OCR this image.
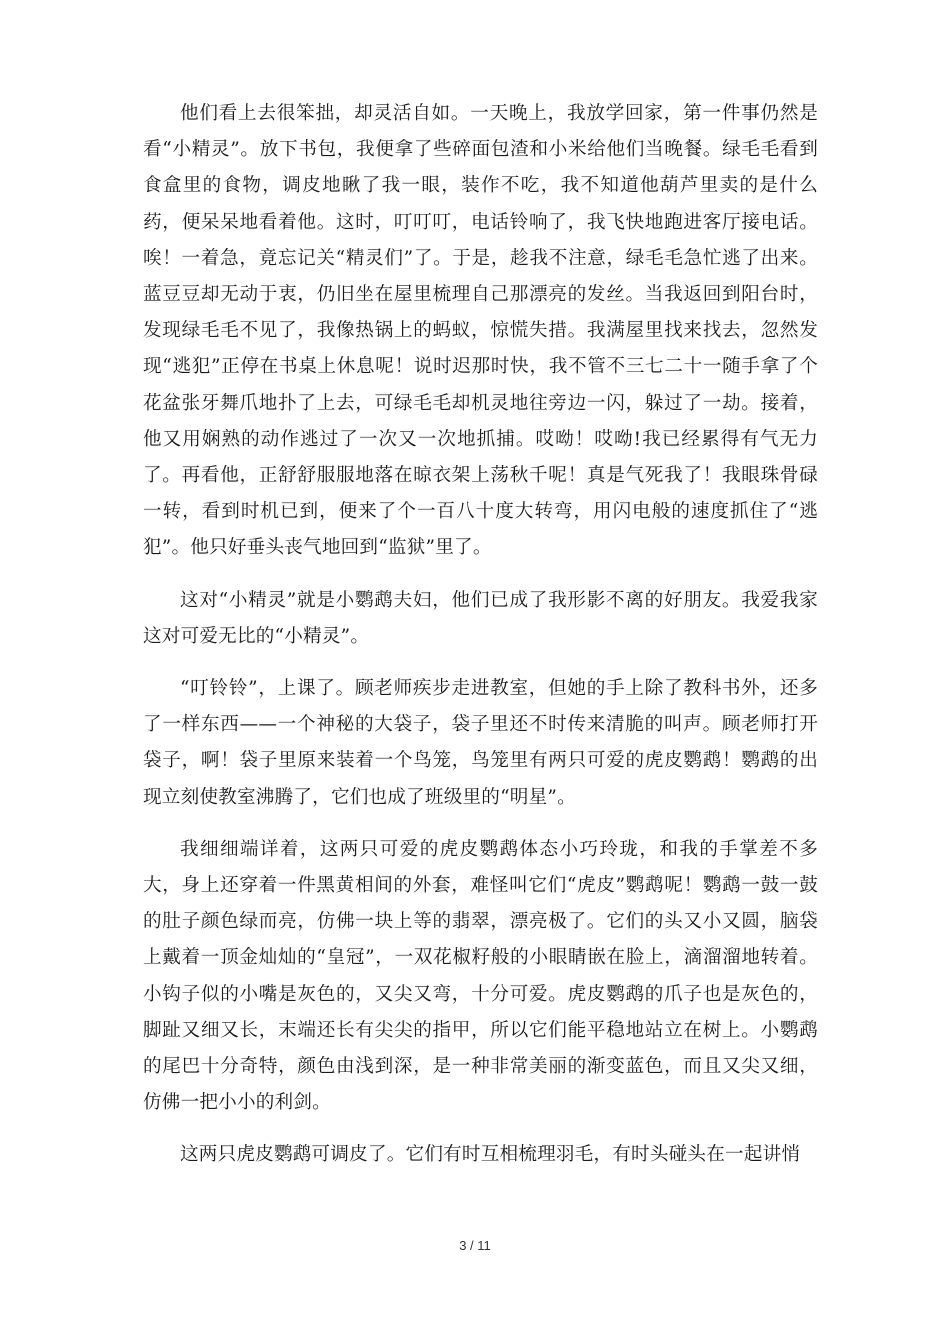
他们看上去很笨拙，却灵活自如。一天晚上，我放学回家，第一件事仍然是看“小精灵”。放下书包，我便拿了些碎面包渣和小米给他们当晚餐。绿毛毛看到食盒里的食物，调皮地瞅了我一眼，装作不吃，我不知道他葫芦里卖的是什么药，便呆呆地看着他。这时，叮叮叮，电话铃响了，我飞快地跑进客厅接电话。唉！一着急，竟忘记关“精灵们”了。于是，趁我不注意，绿毛毛急忙逃了出来。蓝豆豆却无动于衷，仍旧坐在屋里梳理自己那漂亮的发丝。当我返回到阳台时，发现绿毛毛不见了，我像热锅上的蚂蚁，惊慌失措。我满屋里找来找去，忽然发现“逃犯”正停在书桌上休息呢！说时迟那时快，我不管不三七二十一随手拿了个花盆张牙舞爪地扑了上去，可绿毛毛却机灵地往旁边一闪，躲过了一劫。接着，他又用娴熟的动作逃过了一次又一次地抓捕。哎呦！哎呦!我已经累得有气无力了。再看他，正舒舒服服地落在晾衣架上荡秋千呢！真是气死我了！我眼珠骨碌一转，看到时机已到，便来了个一百八十度大转弯，用闪电般的速度抓住了“逃犯”。他只好垂头丧气地回到“监狱”里了。

这对“小精灵”就是小鹦鹉夫妇，他们已成了我形影不离的好朋友。我爱我家这对可爱无比的“小精灵”。

“叮铃铃”，上课了。顾老师疾步走进教室，但她的手上除了教科书外，还多了一样东西——一个神秘的大袋子，袋子里还不时传来清脆的叫声。顾老师打开袋子，啊！袋子里原来装着一个鸟笼，鸟笼里有两只可爱的虎皮鹦鹉！鹦鹉的出现立刻使教室沸腾了，它们也成了班级里的“明星”。

我细细端详着，这两只可爱的虎皮鹦鹉体态小巧玲珑，和我的手掌差不多大，身上还穿着一件黑黄相间的外套，难怪叫它们“虎皮”鹦鹉呢！鹦鹉一鼓一鼓的肚子颜色绿而亮，仿佛一块上等的翡翠，漂亮极了。它们的头又小又圆，脑袋上戴着一顶金灿灿的“皇冠”，一双花椒籽般的小眼睛嵌在脸上，滴溜溜地转着。小钩子似的小嘴是灰色的，又尖又弯，十分可爱。虎皮鹦鹉的爪子也是灰色的，脚趾又细又长，末端还长有尖尖的指甲，所以它们能平稳地站立在树上。小鹦鹉的尾巴十分奇特，颜色由浅到深，是一种非常美丽的渐变蓝色，而且又尖又细，仿佛一把小小的利剑。

这两只虎皮鹦鹉可调皮了。它们有时互相梳理羽毛，有时头碰头在一起讲悄

3 / 11
